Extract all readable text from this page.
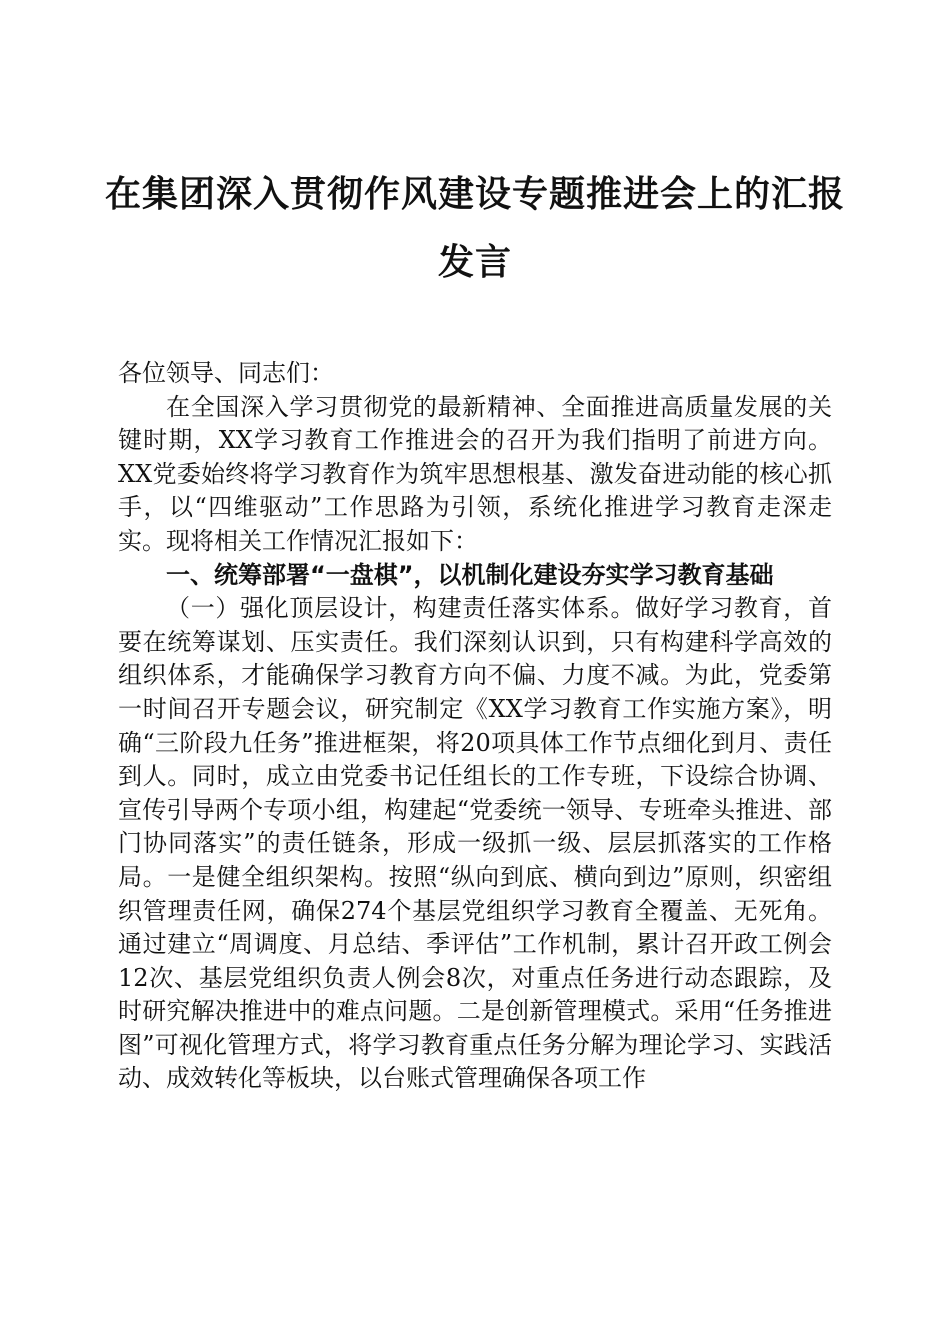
在集团深入贯彻作风建设专题推进会上的汇报
发言

各位领导、同志们：

在全国深入学习贯彻党的最新精神、全面推进高质量发展的关键时期，XX学习教育工作推进会的召开为我们指明了前进方向。XX党委始终将学习教育作为筑牢思想根基、激发奋进动能的核心抓手，以“四维驱动”工作思路为引领，系统化推进学习教育走深走实。现将相关工作情况汇报如下：

一、统筹部署“一盘棋”，以机制化建设夯实学习教育基础

（一）强化顶层设计，构建责任落实体系。做好学习教育，首要在统筹谋划、压实责任。我们深刻认识到，只有构建科学高效的组织体系，才能确保学习教育方向不偏、力度不减。为此，党委第一时间召开专题会议，研究制定《XX学习教育工作实施方案》，明确“三阶段九任务”推进框架，将20项具体工作节点细化到月、责任到人。同时，成立由党委书记任组长的工作专班，下设综合协调、宣传引导两个专项小组，构建起“党委统一领导、专班牵头推进、部门协同落实”的责任链条，形成一级抓一级、层层抓落实的工作格局。一是健全组织架构。按照“纵向到底、横向到边”原则，织密组织管理责任网，确保274个基层党组织学习教育全覆盖、无死角。通过建立“周调度、月总结、季评估”工作机制，累计召开政工例会12次、基层党组织负责人例会8次，对重点任务进行动态跟踪，及时研究解决推进中的难点问题。二是创新管理模式。采用“任务推进图”可视化管理方式，将学习教育重点任务分解为理论学习、实践活动、成效转化等板块，以台账式管理确保各项工作
